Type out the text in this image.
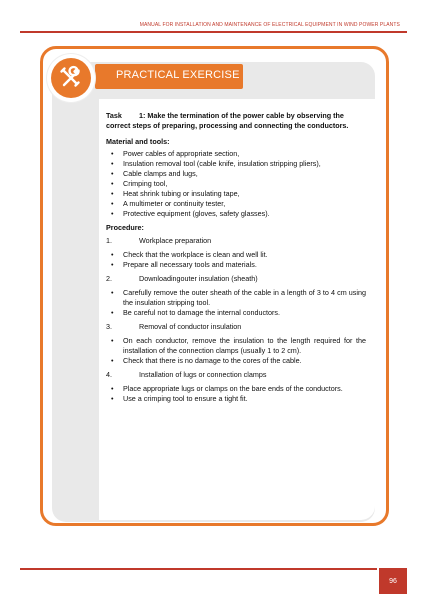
MANUAL FOR INSTALLATION AND MAINTENANCE OF ELECTRICAL EQUIPMENT IN WIND POWER PLANTS
PRACTICAL EXERCISE
Task 1: Make the termination of the power cable by observing the correct steps of preparing, processing and connecting the conductors.
Material and tools:
• Power cables of appropriate section,
• Insulation removal tool (cable knife, insulation stripping pliers),
• Cable clamps and lugs,
• Crimping tool,
• Heat shrink tubing or insulating tape,
• A multimeter or continuity tester,
• Protective equipment (gloves, safety glasses).
Procedure:
1.	Workplace preparation
• Check that the workplace is clean and well lit.
• Prepare all necessary tools and materials.
2.	Downloadingouter insulation (sheath)
• Carefully remove the outer sheath of the cable in a length of 3 to 4 cm using the insulation stripping tool.
• Be careful not to damage the internal conductors.
3.	Removal of conductor insulation
• On each conductor, remove the insulation to the length required for the installation of the connection clamps (usually 1 to 2 cm).
• Check that there is no damage to the cores of the cable.
4.	Installation of lugs or connection clamps
• Place appropriate lugs or clamps on the bare ends of the conductors.
• Use a crimping tool to ensure a tight fit.
96
